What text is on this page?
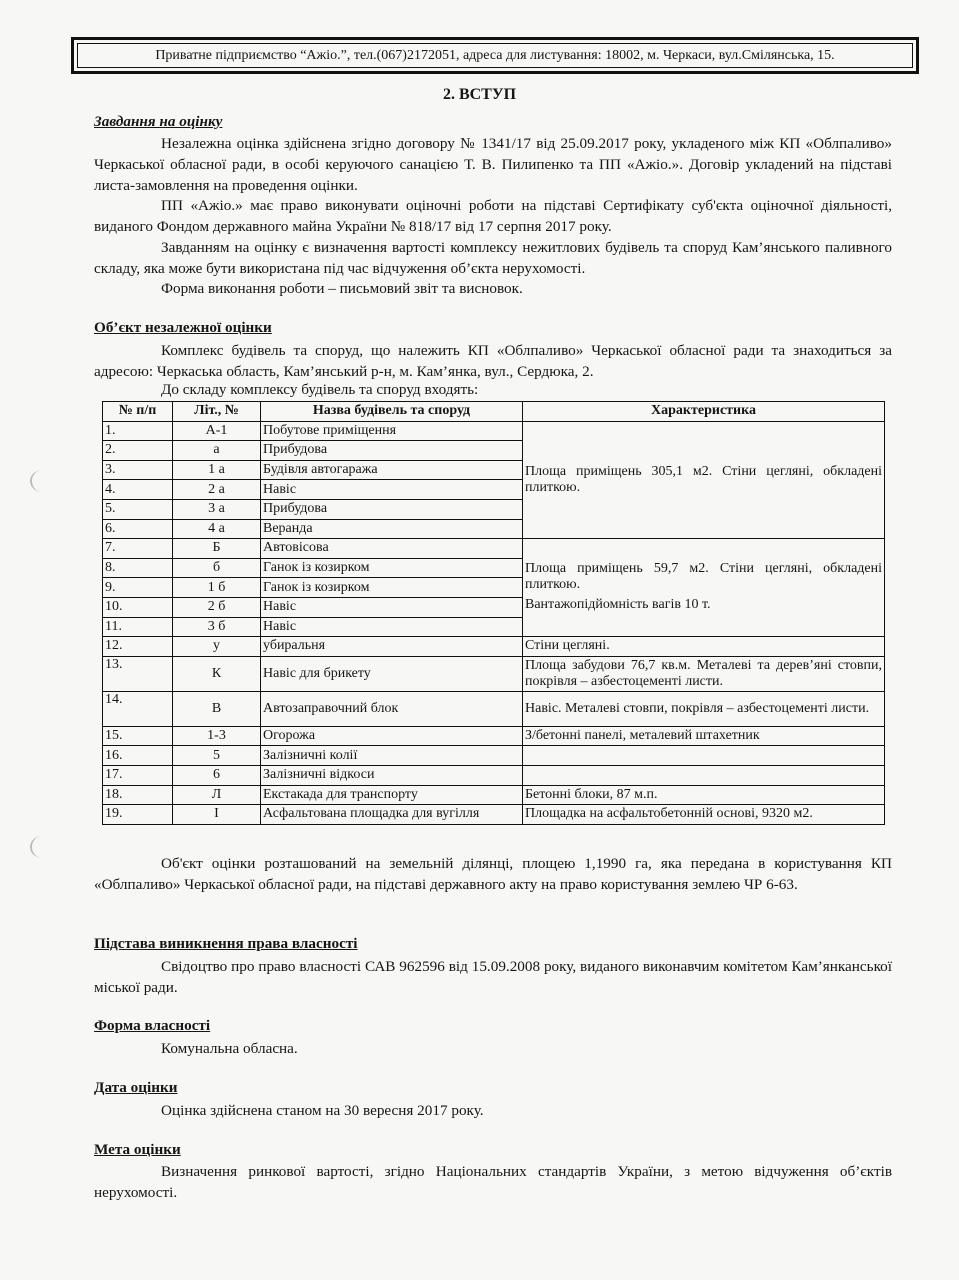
Приватне підприємство “Ажіо.”, тел.(067)2172051, адреса для листування: 18002, м. Черкаси, вул.Смілянська, 15.
2. ВСТУП
Завдання на оцінку

Незалежна оцінка здійснена згідно договору № 1341/17 від 25.09.2017 року, укладеного між КП «Облпаливо» Черкаської обласної ради, в особі керуючого санацією Т. В. Пилипенко та ПП «Ажіо.». Договір укладений на підставі листа-замовлення на проведення оцінки.

ПП «Ажіо.» має право виконувати оціночні роботи на підставі Сертифікату суб'єкта оціночної діяльності, виданого Фондом державного майна України № 818/17 від 17 серпня 2017 року.

Завданням на оцінку є визначення вартості комплексу нежитлових будівель та споруд Кам’янського паливного складу, яка може бути використана під час відчуження об’єкта нерухомості.

Форма виконання роботи – письмовий звіт та висновок.

Об’єкт незалежної оцінки

Комплекс будівель та споруд, що належить КП «Облпаливо» Черкаської обласної ради та знаходиться за адресою: Черкаська область, Кам’янський р-н, м. Кам’янка, вул., Сердюка, 2.

До складу комплексу будівель та споруд входять:

№ п/п	Літ., №	Назва будівель та споруд	Характеристика
1.	А-1	Побутове приміщення	Площа приміщень 305,1 м2. Стіни цегляні, обкладені плиткою.
2.	а	Прибудова	
3.	1 а	Будівля автогаража	
4.	2 а	Навіс	
5.	3 а	Прибудова	
6.	4 а	Веранда	
7.	Б	Автовісова	Площа приміщень 59,7 м2. Стіни цегляні, обкладені плиткою.
Вантажопідйомність вагів 10 т.

8.	б	Ганок із козирком	
9.	1 б	Ганок із козирком	
10.	2 б	Навіс	
11.	3 б	Навіс	
12.	у	убиральня	Стіни цегляні.
13.	К	Навіс для брикету	Площа забудови 76,7 кв.м. Металеві та дерев’яні стовпи, покрівля – азбестоцементі листи.
14.	В	Автозаправочний блок	Навіс. Металеві стовпи, покрівля – азбестоцементі листи.
15.	1-3	Огорожа	З/бетонні панелі, металевий штахетник
16.	5	Залізничні колії	
17.	6	Залізничні відкоси	
18.	Л	Екстакада для транспорту	Бетонні блоки, 87 м.п.
19.	І	Асфальтована площадка для вугілля	Площадка на асфальтобетонній основі, 9320 м2.

Об'єкт оцінки розташований на земельній ділянці, площею 1,1990 га, яка передана в користування КП «Облпаливо» Черкаської обласної ради, на підставі державного акту на право користування землею ЧР 6-63.

Підстава виникнення права власності

Свідоцтво про право власності САВ 962596 від 15.09.2008 року, виданого виконавчим комітетом Кам’янканської міської ради.

Форма власності

Комунальна обласна.

Дата оцінки

Оцінка здійснена станом на 30 вересня 2017 року.

Мета оцінки

Визначення ринкової вартості, згідно Національних стандартів України, з метою відчуження об’єктів нерухомості.
